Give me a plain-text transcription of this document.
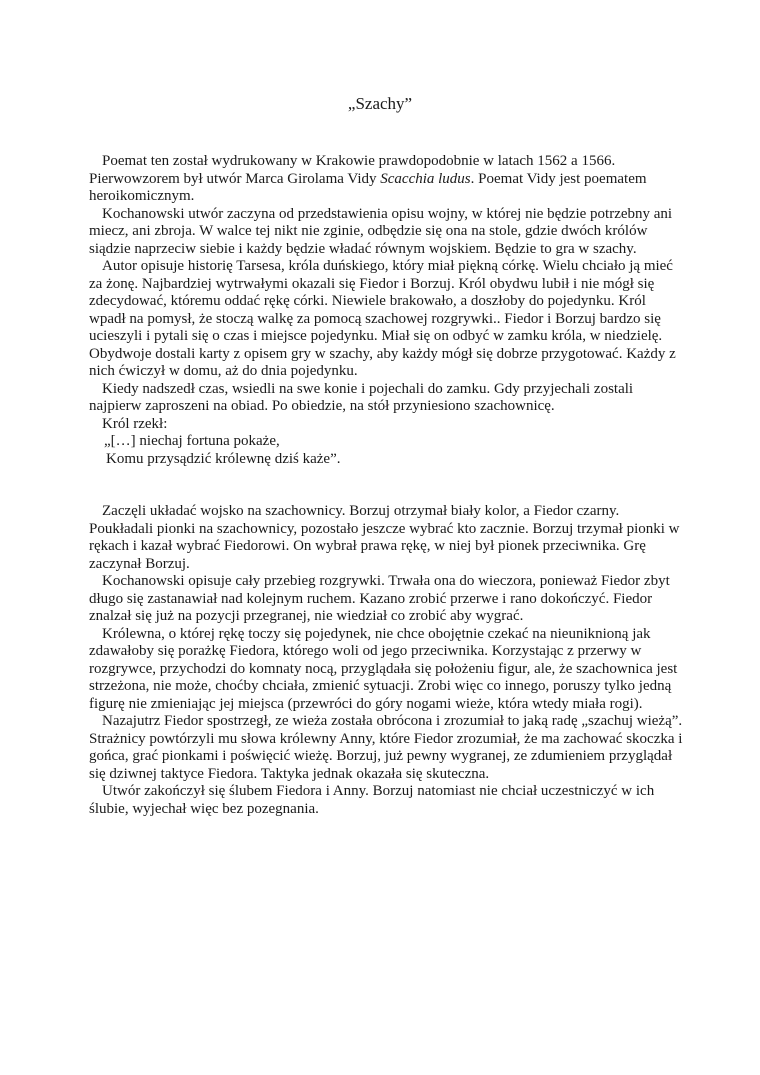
„Szachy”

Poemat ten został wydrukowany w Krakowie prawdopodobnie w latach 1562 a 1566. Pierwowzorem był utwór Marca Girolama Vidy Scacchia ludus. Poemat Vidy jest poematem heroikomicznym.

Kochanowski utwór zaczyna od przedstawienia opisu wojny, w której nie będzie potrzebny ani miecz, ani zbroja. W walce tej nikt nie zginie, odbędzie się ona na stole, gdzie dwóch królów siądzie naprzeciw siebie i każdy będzie władać równym wojskiem. Będzie to gra w szachy.

Autor opisuje historię Tarsesa, króla duńskiego, który miał piękną córkę. Wielu chciało ją mieć za żonę. Najbardziej wytrwałymi okazali się Fiedor i Borzuj. Król obydwu lubił i nie mógł się zdecydować, któremu oddać rękę córki. Niewiele brakowało, a doszłoby do pojedynku. Król wpadł na pomysł, że stoczą walkę za pomocą szachowej rozgrywki.. Fiedor i Borzuj bardzo się ucieszyli i pytali się o czas i miejsce pojedynku. Miał się on odbyć w zamku króla, w niedzielę. Obydwoje dostali karty z opisem gry w szachy, aby każdy mógł się dobrze przygotować. Każdy z nich ćwiczył w domu, aż do dnia pojedynku.

Kiedy nadszedł czas, wsiedli na swe konie i pojechali do zamku. Gdy przyjechali zostali najpierw zaproszeni na obiad. Po obiedzie, na stół przyniesiono szachownicę.

Król rzekł:

„[…] niechaj fortuna pokaże,

Komu przysądzić królewnę dziś każe”.

Zaczęli układać wojsko na szachownicy. Borzuj otrzymał biały kolor, a Fiedor czarny. Poukładali pionki na szachownicy, pozostało jeszcze wybrać kto zacznie. Borzuj trzymał pionki w rękach i kazał wybrać Fiedorowi. On wybrał prawa rękę, w niej był pionek przeciwnika. Grę zaczynał Borzuj.

Kochanowski opisuje cały przebieg rozgrywki. Trwała ona do wieczora, ponieważ Fiedor zbyt długo się zastanawiał nad kolejnym ruchem. Kazano zrobić przerwe i rano dokończyć. Fiedor znalzał się już na pozycji przegranej, nie wiedział co zrobić aby wygrać.

Królewna, o której rękę toczy się pojedynek, nie chce obojętnie czekać na nieuniknioną jak zdawałoby się porażkę Fiedora, którego woli od jego przeciwnika. Korzystając z przerwy w rozgrywce, przychodzi do komnaty nocą, przyglądała się położeniu figur, ale, że szachownica jest strzeżona, nie może, choćby chciała, zmienić sytuacji. Zrobi więc co innego, poruszy tylko jedną figurę nie zmieniając jej miejsca (przewróci do góry nogami wieże, która wtedy miała rogi).

Nazajutrz Fiedor spostrzegł, ze wieża została obrócona i zrozumiał to jaką radę „szachuj wieżą”. Strażnicy powtórzyli mu słowa królewny Anny, które Fiedor zrozumiał, że ma zachować skoczka i gońca, grać pionkami i poświęcić wieżę. Borzuj, już pewny wygranej, ze zdumieniem przyglądał się dziwnej taktyce Fiedora. Taktyka jednak okazała się skuteczna.

Utwór zakończył się ślubem Fiedora i Anny. Borzuj natomiast nie chciał uczestniczyć w ich ślubie, wyjechał więc bez pozegnania.
